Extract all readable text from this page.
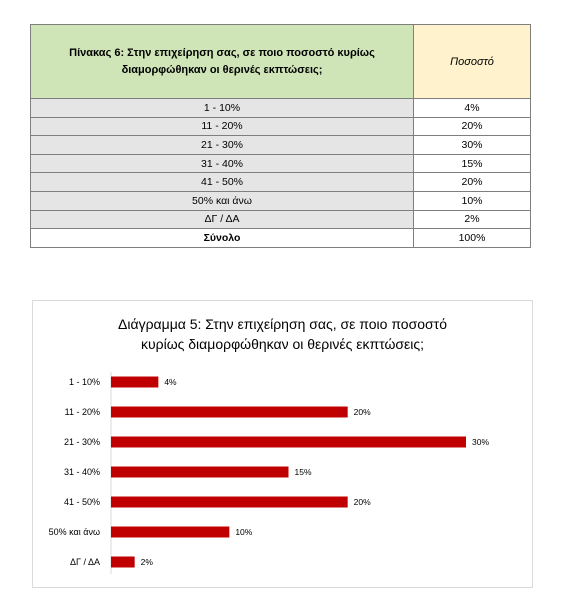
Πίνακας 6: Στην επιχείρηση σας, σε ποιο ποσοστό κυρίως διαμορφώθηκαν οι θερινές εκπτώσεις;	Ποσοστό
1 - 10%	4%
11 - 20%	20%
21 - 30%	30%
31 - 40%	15%
41 - 50%	20%
50% και άνω	10%
ΔΓ / ΔΑ	2%
Σύνολο	100%
Διάγραμμα 5: Στην επιχείρηση σας, σε ποιο ποσοστό
κυρίως διαμορφώθηκαν οι θερινές εκπτώσεις;
1 - 10%	4%
11 - 20%	20%
21 - 30%	30%
31 - 40%	15%
41 - 50%	20%
50% και άνω	10%
ΔΓ / ΔΑ	2%
